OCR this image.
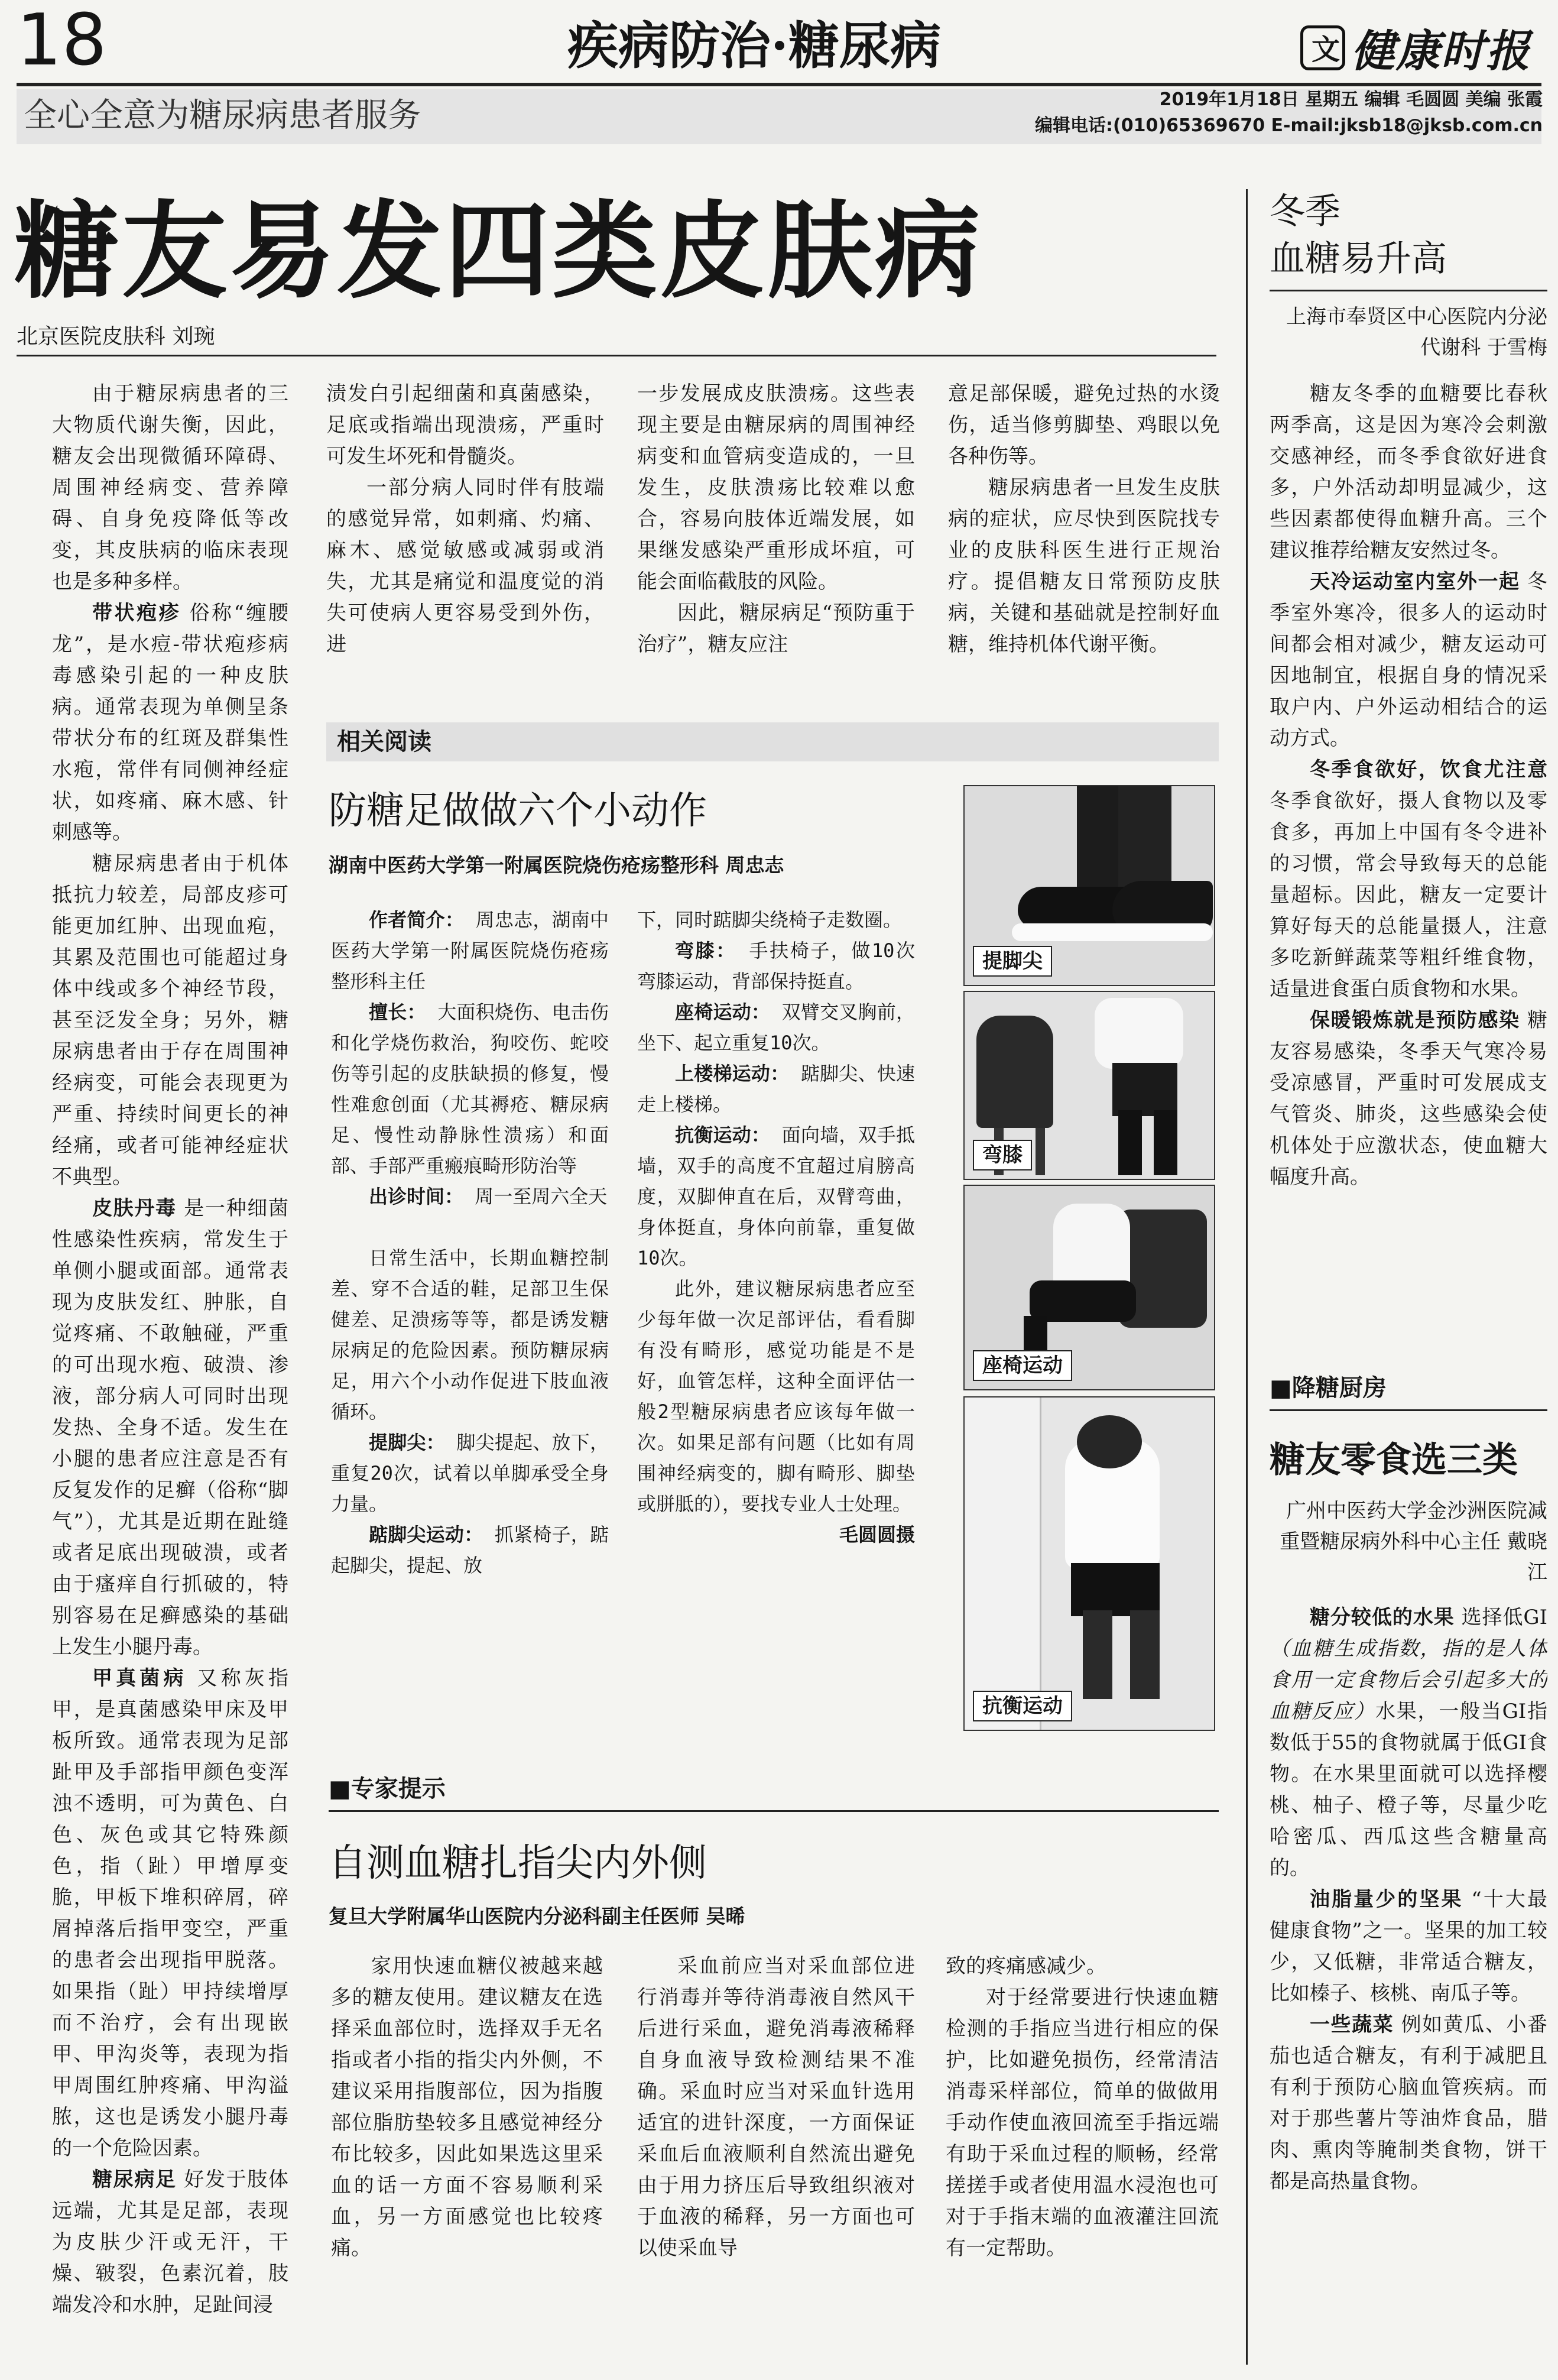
18	疾病防治·糖尿病	文 健康时报
全心全意为糖尿病患者服务	2019年1月18日 星期五 编辑 毛圆圆 美编 张霞
编辑电话:(010)65369670 E-mail:jksb18@jksb.com.cn
糖友易发四类皮肤病
北京医院皮肤科 刘琬

由于糖尿病患者的三大物质代谢失衡，因此，糖友会出现微循环障碍、周围神经病变、营养障碍、自身免疫降低等改变，其皮肤病的临床表现也是多种多样。

带状疱疹 俗称“缠腰龙”，是水痘-带状疱疹病毒感染引起的一种皮肤病。通常表现为单侧呈条带状分布的红斑及群集性水疱，常伴有同侧神经症状，如疼痛、麻木感、针刺感等。

糖尿病患者由于机体抵抗力较差，局部皮疹可能更加红肿、出现血疱，其累及范围也可能超过身体中线或多个神经节段，甚至泛发全身；另外，糖尿病患者由于存在周围神经病变，可能会表现更为严重、持续时间更长的神经痛，或者可能神经症状不典型。

皮肤丹毒 是一种细菌性感染性疾病，常发生于单侧小腿或面部。通常表现为皮肤发红、肿胀，自觉疼痛、不敢触碰，严重的可出现水疱、破溃、渗液，部分病人可同时出现发热、全身不适。发生在小腿的患者应注意是否有反复发作的足癣（俗称“脚气”），尤其是近期在趾缝或者足底出现破溃，或者由于瘙痒自行抓破的，特别容易在足癣感染的基础上发生小腿丹毒。

甲真菌病 又称灰指甲，是真菌感染甲床及甲板所致。通常表现为足部趾甲及手部指甲颜色变浑浊不透明，可为黄色、白色、灰色或其它特殊颜色，指（趾）甲增厚变脆，甲板下堆积碎屑，碎屑掉落后指甲变空，严重的患者会出现指甲脱落。如果指（趾）甲持续增厚而不治疗，会有出现嵌甲、甲沟炎等，表现为指甲周围红肿疼痛、甲沟溢脓，这也是诱发小腿丹毒的一个危险因素。

糖尿病足 好发于肢体远端，尤其是足部，表现为皮肤少汗或无汗，干燥、皲裂，色素沉着，肢端发冷和水肿，足趾间浸

渍发白引起细菌和真菌感染，足底或指端出现溃疡，严重时可发生坏死和骨髓炎。

一部分病人同时伴有肢端的感觉异常，如刺痛、灼痛、麻木、感觉敏感或减弱或消失，尤其是痛觉和温度觉的消失可使病人更容易受到外伤，进

一步发展成皮肤溃疡。这些表现主要是由糖尿病的周围神经病变和血管病变造成的，一旦发生，皮肤溃疡比较难以愈合，容易向肢体近端发展，如果继发感染严重形成坏疽，可能会面临截肢的风险。

因此，糖尿病足“预防重于治疗”，糖友应注

意足部保暖，避免过热的水烫伤，适当修剪脚垫、鸡眼以免各种伤等。

糖尿病患者一旦发生皮肤病的症状，应尽快到医院找专业的皮肤科医生进行正规治疗。提倡糖友日常预防皮肤病，关键和基础就是控制好血糖，维持机体代谢平衡。

相关阅读
防糖足做做六个小动作
湖南中医药大学第一附属医院烧伤疮疡整形科 周忠志

作者简介： 周忠志，湖南中医药大学第一附属医院烧伤疮疡整形科主任

擅长： 大面积烧伤、电击伤和化学烧伤救治，狗咬伤、蛇咬伤等引起的皮肤缺损的修复，慢性难愈创面（尤其褥疮、糖尿病足、慢性动静脉性溃疡）和面部、手部严重瘢痕畸形防治等

出诊时间： 周一至周六全天

日常生活中，长期血糖控制差、穿不合适的鞋，足部卫生保健差、足溃疡等等，都是诱发糖尿病足的危险因素。预防糖尿病足，用六个小动作促进下肢血液循环。

提脚尖： 脚尖提起、放下，重复20次，试着以单脚承受全身力量。

踮脚尖运动： 抓紧椅子，踮起脚尖，提起、放

下，同时踮脚尖绕椅子走数圈。

弯膝： 手扶椅子，做10次弯膝运动，背部保持挺直。

座椅运动： 双臂交叉胸前，坐下、起立重复10次。

上楼梯运动： 踮脚尖、快速走上楼梯。

抗衡运动： 面向墙，双手抵墙，双手的高度不宜超过肩膀高度，双脚伸直在后，双臂弯曲，身体挺直，身体向前靠，重复做10次。

此外，建议糖尿病患者应至少每年做一次足部评估，看看脚有没有畸形，感觉功能是不是好，血管怎样，这种全面评估一般2型糖尿病患者应该每年做一次。如果足部有问题（比如有周围神经病变的，脚有畸形、脚垫或胼胝的），要找专业人士处理。

毛圆圆摄
提脚尖
弯膝
座椅运动
抗衡运动
■专家提示
自测血糖扎指尖内外侧
复旦大学附属华山医院内分泌科副主任医师 吴晞

家用快速血糖仪被越来越多的糖友使用。建议糖友在选择采血部位时，选择双手无名指或者小指的指尖内外侧，不建议采用指腹部位，因为指腹部位脂肪垫较多且感觉神经分布比较多，因此如果选这里采血的话一方面不容易顺利采血，另一方面感觉也比较疼痛。

采血前应当对采血部位进行消毒并等待消毒液自然风干后进行采血，避免消毒液稀释自身血液导致检测结果不准确。采血时应当对采血针选用适宜的进针深度，一方面保证采血后血液顺利自然流出避免由于用力挤压后导致组织液对于血液的稀释，另一方面也可以使采血导

致的疼痛感减少。

对于经常要进行快速血糖检测的手指应当进行相应的保护，比如避免损伤，经常清洁消毒采样部位，简单的做做用手动作使血液回流至手指远端有助于采血过程的顺畅，经常搓搓手或者使用温水浸泡也可对于手指末端的血液灌注回流有一定帮助。

冬季
血糖易升高
上海市奉贤区中心医院内分泌代谢科 于雪梅

糖友冬季的血糖要比春秋两季高，这是因为寒冷会刺激交感神经，而冬季食欲好进食多，户外活动却明显减少，这些因素都使得血糖升高。三个建议推荐给糖友安然过冬。

天冷运动室内室外一起 冬季室外寒冷，很多人的运动时间都会相对减少，糖友运动可因地制宜，根据自身的情况采取户内、户外运动相结合的运动方式。

冬季食欲好，饮食尤注意 冬季食欲好，摄人食物以及零食多，再加上中国有冬令进补的习惯，常会导致每天的总能量超标。因此，糖友一定要计算好每天的总能量摄人，注意多吃新鲜蔬菜等粗纤维食物，适量进食蛋白质食物和水果。

保暖锻炼就是预防感染 糖友容易感染，冬季天气寒冷易受凉感冒，严重时可发展成支气管炎、肺炎，这些感染会使机体处于应激状态，使血糖大幅度升高。

■降糖厨房
糖友零食选三类
广州中医药大学金沙洲医院减重暨糖尿病外科中心主任 戴晓江

糖分较低的水果 选择低GI（血糖生成指数，指的是人体食用一定食物后会引起多大的血糖反应）水果，一般当GI指数低于55的食物就属于低GI食物。在水果里面就可以选择樱桃、柚子、橙子等，尽量少吃哈密瓜、西瓜这些含糖量高的。

油脂量少的坚果 “十大最健康食物”之一。坚果的加工较少，又低糖，非常适合糖友，比如榛子、核桃、南瓜子等。

一些蔬菜 例如黄瓜、小番茄也适合糖友，有利于减肥且有利于预防心脑血管疾病。而对于那些薯片等油炸食品，腊肉、熏肉等腌制类食物，饼干都是高热量食物。
